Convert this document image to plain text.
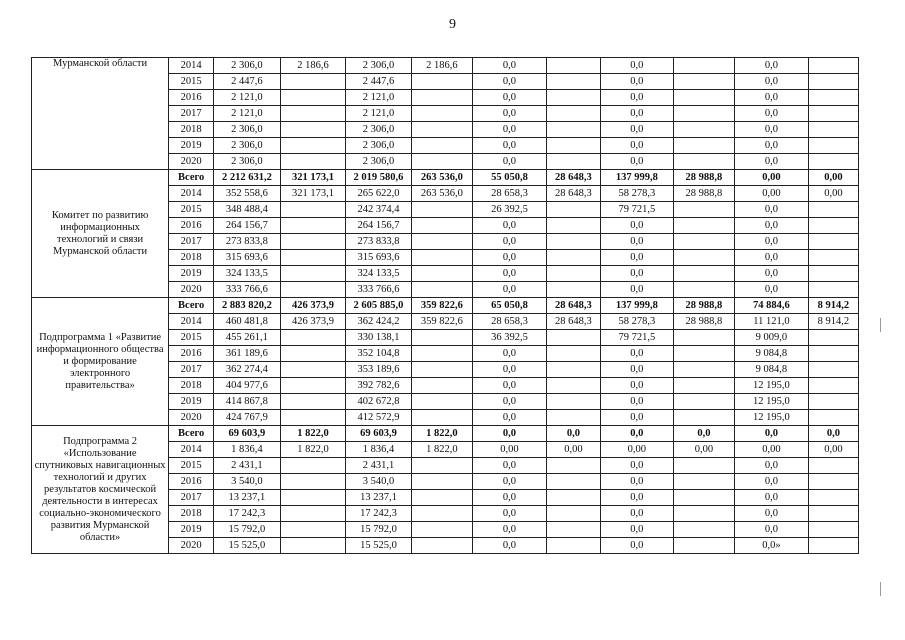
9
Мурманской области	2014	2 306,0	2 186,6	2 306,0	2 186,6	0,0		0,0		0,0	
	2015	2 447,6		2 447,6		0,0		0,0		0,0	
	2016	2 121,0		2 121,0		0,0		0,0		0,0	
	2017	2 121,0		2 121,0		0,0		0,0		0,0	
	2018	2 306,0		2 306,0		0,0		0,0		0,0	
	2019	2 306,0		2 306,0		0,0		0,0		0,0	
	2020	2 306,0		2 306,0		0,0		0,0		0,0	
Комитет по развитию информационных технологий и связи Мурманской области	Всего	2 212 631,2	321 173,1	2 019 580,6	263 536,0	55 050,8	28 648,3	137 999,8	28 988,8	0,00	0,00
	2014	352 558,6	321 173,1	265 622,0	263 536,0	28 658,3	28 648,3	58 278,3	28 988,8	0,00	0,00
	2015	348 488,4		242 374,4		26 392,5		79 721,5		0,0	
	2016	264 156,7		264 156,7		0,0		0,0		0,0	
	2017	273 833,8		273 833,8		0,0		0,0		0,0	
	2018	315 693,6		315 693,6		0,0		0,0		0,0	
	2019	324 133,5		324 133,5		0,0		0,0		0,0	
	2020	333 766,6		333 766,6		0,0		0,0		0,0	
Подпрограмма 1 «Развитие информационного общества и формирование электронного правительства»	Всего	2 883 820,2	426 373,9	2 605 885,0	359 822,6	65 050,8	28 648,3	137 999,8	28 988,8	74 884,6	8 914,2
	2014	460 481,8	426 373,9	362 424,2	359 822,6	28 658,3	28 648,3	58 278,3	28 988,8	11 121,0	8 914,2
	2015	455 261,1		330 138,1		36 392,5		79 721,5		9 009,0	
	2016	361 189,6		352 104,8		0,0		0,0		9 084,8	
	2017	362 274,4		353 189,6		0,0		0,0		9 084,8	
	2018	404 977,6		392 782,6		0,0		0,0		12 195,0	
	2019	414 867,8		402 672,8		0,0		0,0		12 195,0	
	2020	424 767,9		412 572,9		0,0		0,0		12 195,0	
Подпрограмма 2 «Использование спутниковых навигационных технологий и других результатов космической деятельности в интересах социально-экономического развития Мурманской области»	Всего	69 603,9	1 822,0	69 603,9	1 822,0	0,0	0,0	0,0	0,0	0,0	0,0
	2014	1 836,4	1 822,0	1 836,4	1 822,0	0,00	0,00	0,00	0,00	0,00	0,00
	2015	2 431,1		2 431,1		0,0		0,0		0,0	
	2016	3 540,0		3 540,0		0,0		0,0		0,0	
	2017	13 237,1		13 237,1		0,0		0,0		0,0	
	2018	17 242,3		17 242,3		0,0		0,0		0,0	
	2019	15 792,0		15 792,0		0,0		0,0		0,0	
	2020	15 525,0		15 525,0		0,0		0,0		0,0»	
